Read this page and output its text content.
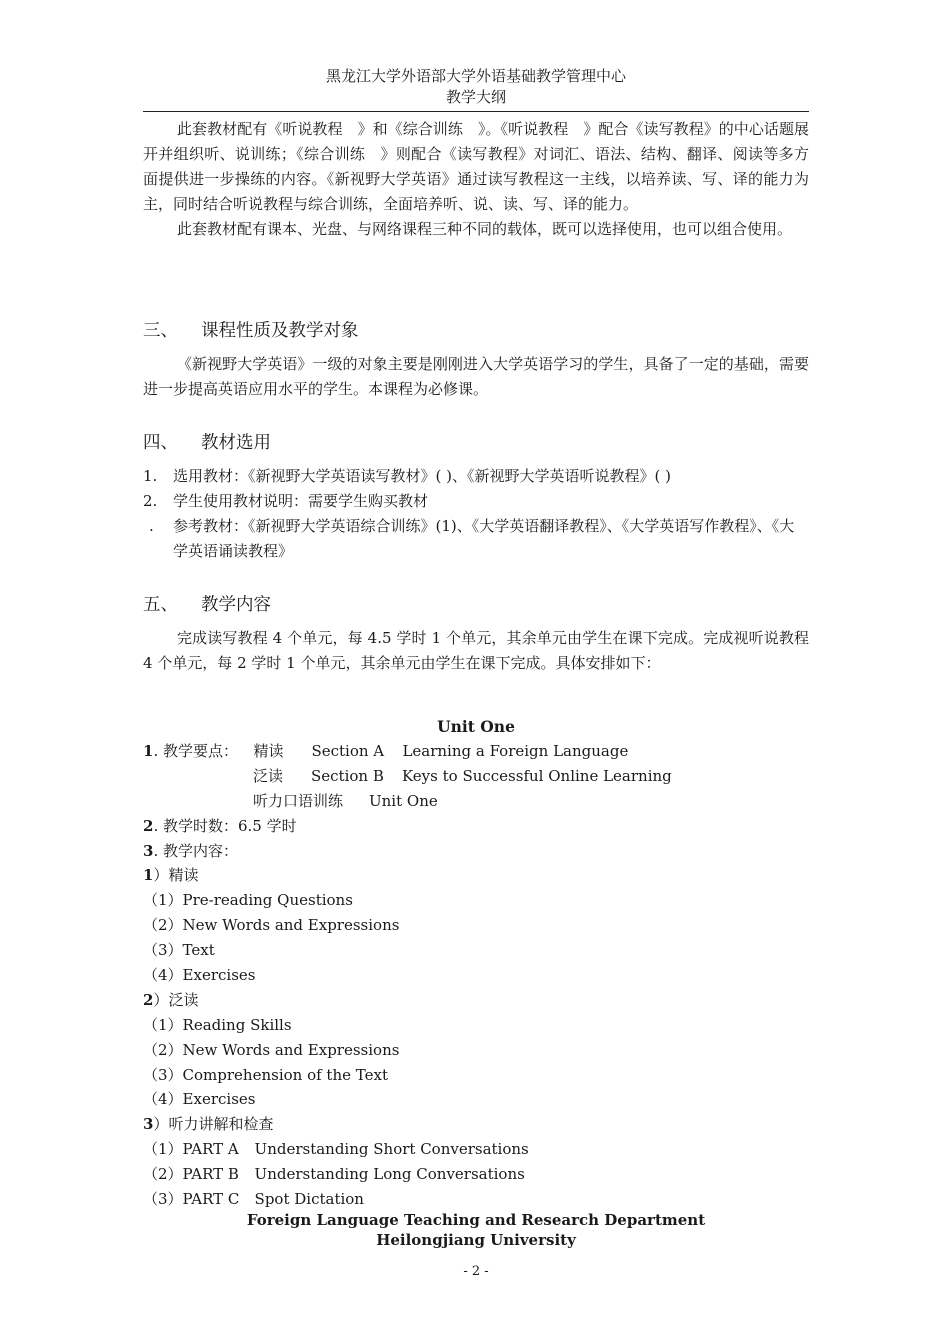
黑龙江大学外语部大学外语基础教学管理中心
教学大纲

此套教材配有《听说教程　》和《综合训练　》。《听说教程　》配合《读写教程》的中心话题展开并组织听、说训练；《综合训练　》则配合《读写教程》对词汇、语法、结构、翻译、阅读等多方面提供进一步操练的内容。《新视野大学英语》通过读写教程这一主线，以培养读、写、译的能力为主，同时结合听说教程与综合训练，全面培养听、说、读、写、译的能力。

此套教材配有课本、光盘、与网络课程三种不同的载体，既可以选择使用，也可以组合使用。

三、 课程性质及教学对象

《新视野大学英语》一级的对象主要是刚刚进入大学英语学习的学生，具备了一定的基础，需要进一步提高英语应用水平的学生。本课程为必修课。

四、 教材选用
1.	选用教材：《新视野大学英语读写教材》( )、《新视野大学英语听说教程》( )
2.	学生使用教材说明：需要学生购买教材
.	参考教材：《新视野大学英语综合训练》(1)、《大学英语翻译教程》、《大学英语写作教程》、《大学英语诵读教程》
五、 教学内容

完成读写教程 4 个单元，每 4.5 学时 1 个单元，其余单元由学生在课下完成。完成视听说教程 4 个单元，每 2 学时 1 个单元，其余单元由学生在课下完成。具体安排如下：

Unit One
1. 教学要点： 精读 Section A Learning a Foreign Language
泛读 Section B Keys to Successful Online Learning
听力口语训练 Unit One
2. 教学时数：6.5 学时
3. 教学内容：
1）精读
（1）Pre-reading Questions
（2）New Words and Expressions
（3）Text
（4）Exercises
2）泛读
（1）Reading Skills
（2）New Words and Expressions
（3）Comprehension of the Text
（4）Exercises
3）听力讲解和检查
（1）PART A Understanding Short Conversations
（2）PART B Understanding Long Conversations
（3）PART C Spot Dictation
Foreign Language Teaching and Research Department
Heilongjiang University
- 2 -
